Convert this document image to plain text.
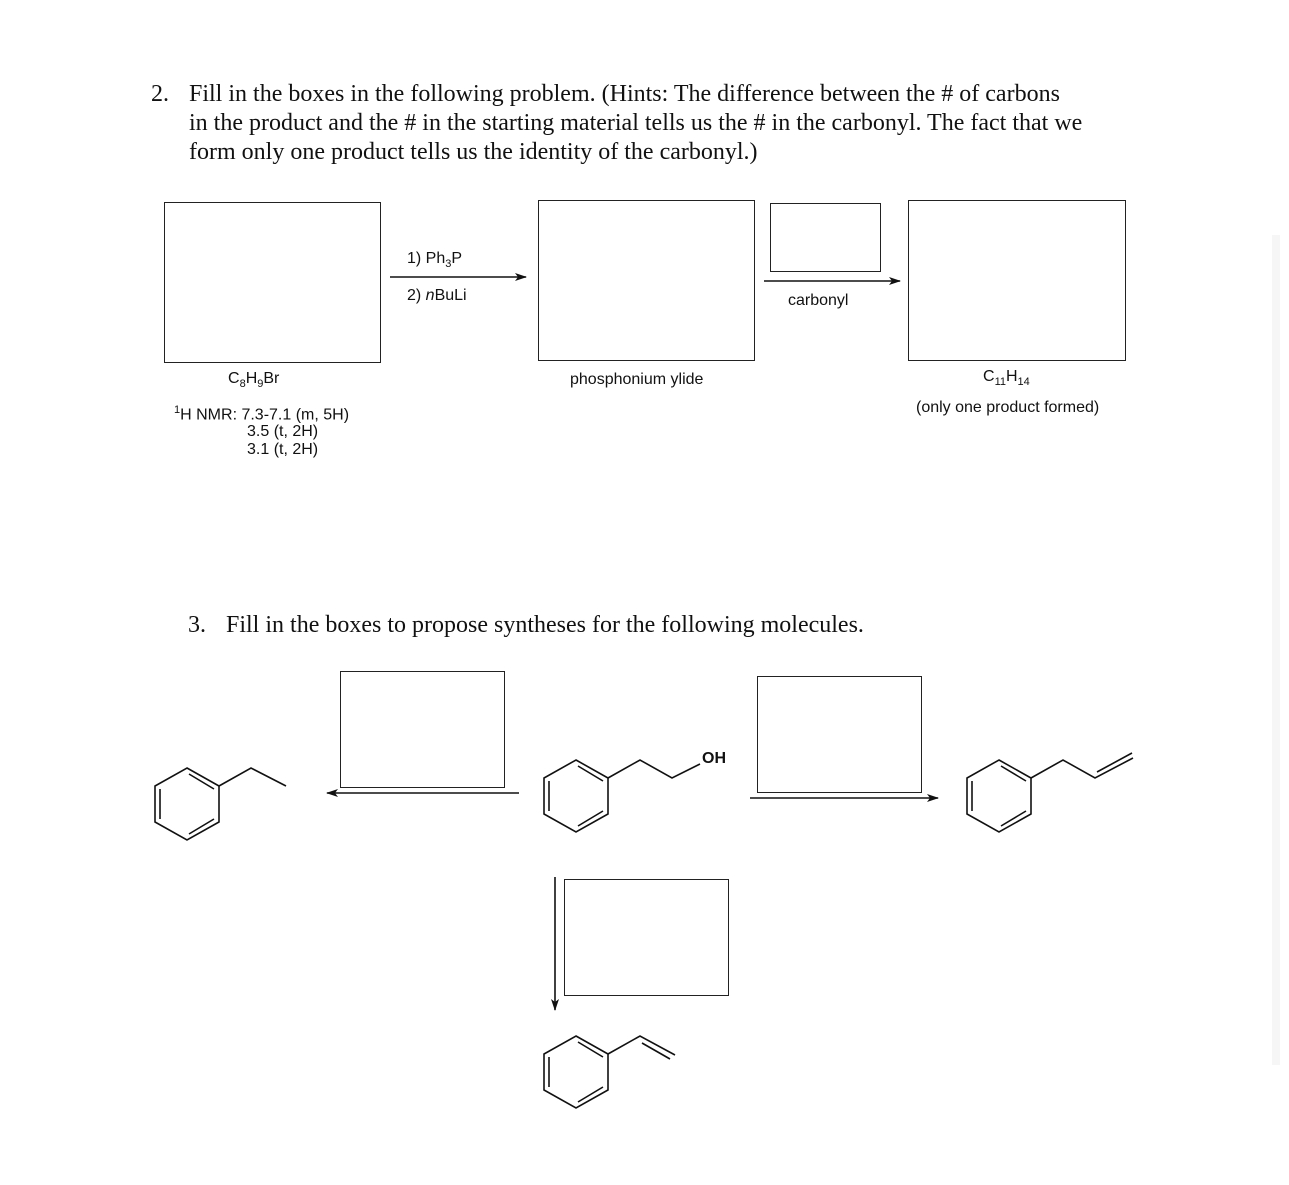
2. Fill in the boxes in the following problem. (Hints: The difference between the # of carbons
in the product and the # in the starting material tells us the # in the carbonyl. The fact that we
form only one product tells us the identity of the carbonyl.)
1) $Ph_3P$
2) nBuLi	carbonyl
$C_8H_9Br$
$^1$H NMR: 7.3-7.1 (m, 5H)
3.5 (t, 2H)
3.1 (t, 2H)
phosphonium ylide	$C_{11}H_{14}$
(only one product formed)
3. Fill in the boxes to propose syntheses for the following molecules.
OH
